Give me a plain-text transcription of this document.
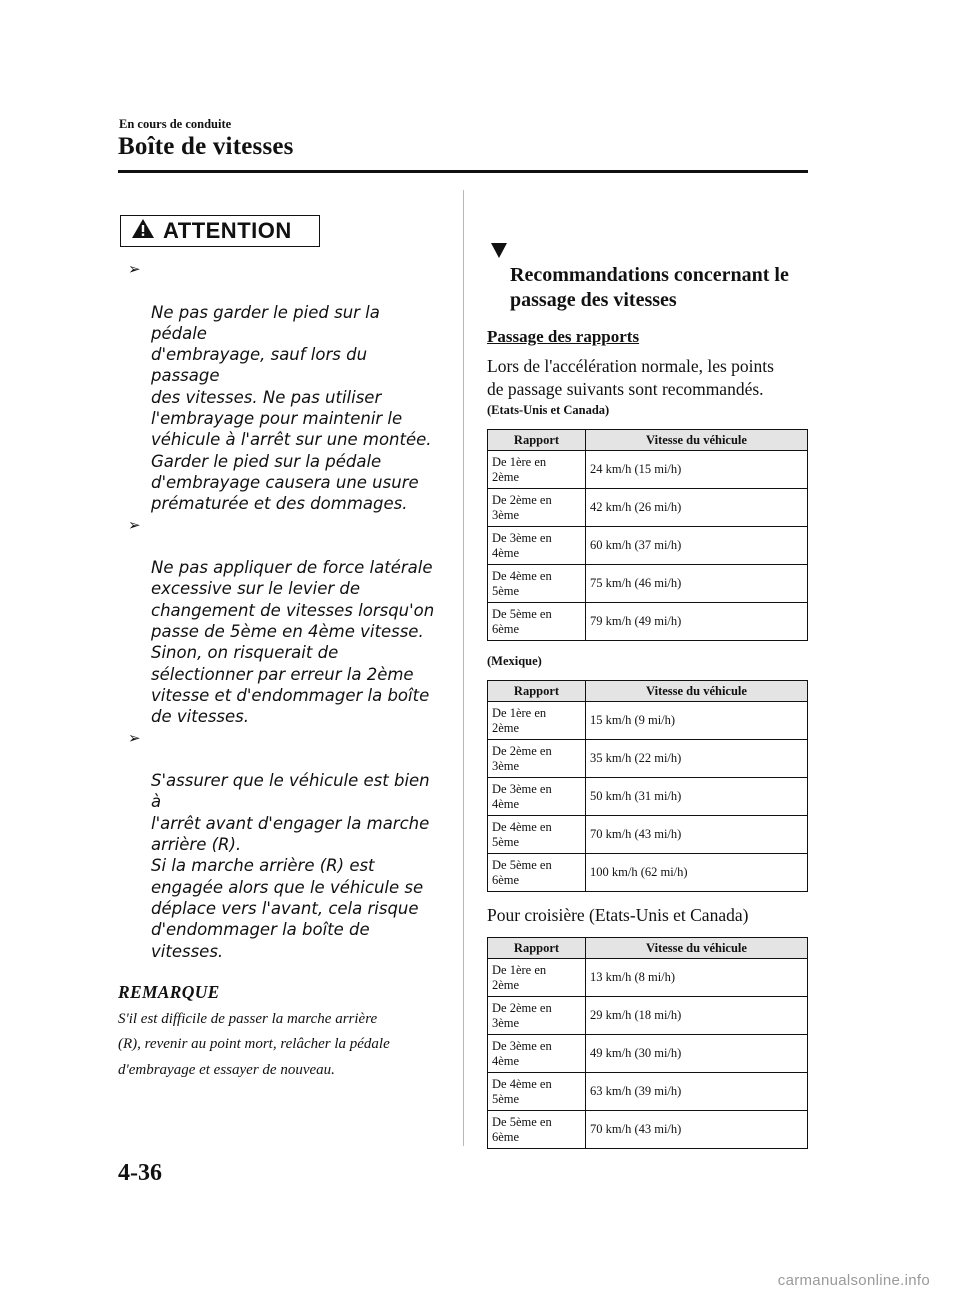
En cours de conduite
Boîte de vitesses
ATTENTION

➢

Ne pas garder le pied sur la pédale
d'embrayage, sauf lors du passage
des vitesses. Ne pas utiliser
l'embrayage pour maintenir le
véhicule à l'arrêt sur une montée.
Garder le pied sur la pédale
d'embrayage causera une usure
prématurée et des dommages.

➢

Ne pas appliquer de force latérale
excessive sur le levier de
changement de vitesses lorsqu'on
passe de 5ème en 4ème vitesse.
Sinon, on risquerait de
sélectionner par erreur la 2ème
vitesse et d'endommager la boîte
de vitesses.

➢

S'assurer que le véhicule est bien à
l'arrêt avant d'engager la marche
arrière (R).
Si la marche arrière (R) est
engagée alors que le véhicule se
déplace vers l'avant, cela risque
d'endommager la boîte de
vitesses.

REMARQUE
S'il est difficile de passer la marche arrière
(R), revenir au point mort, relâcher la pédale
d'embrayage et essayer de nouveau.

Recommandations concernant le
passage des vitesses

Passage des rapports
Lors de l'accélération normale, les points
de passage suivants sont recommandés.
(Etats-Unis et Canada)
Rapport	Vitesse du véhicule
De 1ère en
2ème	24 km/h (15 mi/h)
De 2ème en
3ème	42 km/h (26 mi/h)
De 3ème en
4ème	60 km/h (37 mi/h)
De 4ème en
5ème	75 km/h (46 mi/h)
De 5ème en
6ème	79 km/h (49 mi/h)
(Mexique)
Rapport	Vitesse du véhicule
De 1ère en
2ème	15 km/h (9 mi/h)
De 2ème en
3ème	35 km/h (22 mi/h)
De 3ème en
4ème	50 km/h (31 mi/h)
De 4ème en
5ème	70 km/h (43 mi/h)
De 5ème en
6ème	100 km/h (62 mi/h)
Pour croisière (Etats-Unis et Canada)
Rapport	Vitesse du véhicule
De 1ère en
2ème	13 km/h (8 mi/h)
De 2ème en
3ème	29 km/h (18 mi/h)
De 3ème en
4ème	49 km/h (30 mi/h)
De 4ème en
5ème	63 km/h (39 mi/h)
De 5ème en
6ème	70 km/h (43 mi/h)
4-36
carmanualsonline.info
